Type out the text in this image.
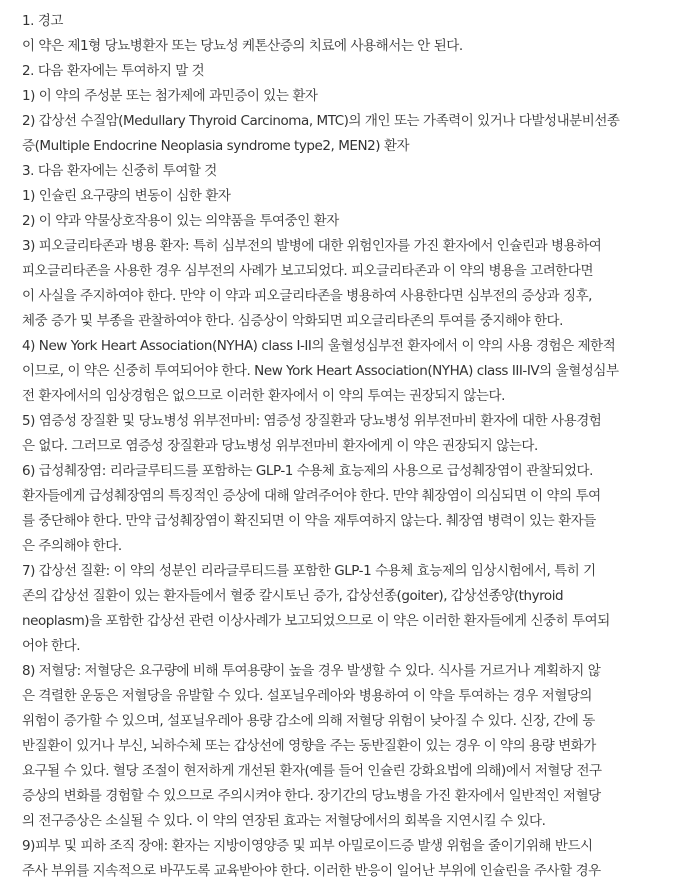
1. 경고
이 약은 제1형 당뇨병환자 또는 당뇨성 케톤산증의 치료에 사용해서는 안 된다.
2. 다음 환자에는 투여하지 말 것
1) 이 약의 주성분 또는 첨가제에 과민증이 있는 환자
2) 갑상선 수질암(Medullary Thyroid Carcinoma, MTC)의 개인 또는 가족력이 있거나 다발성내분비선종
증(Multiple Endocrine Neoplasia syndrome type2, MEN2) 환자
3. 다음 환자에는 신중히 투여할 것
1) 인슐린 요구량의 변동이 심한 환자
2) 이 약과 약물상호작용이 있는 의약품을 투여중인 환자
3) 피오글리타존과 병용 환자: 특히 심부전의 발병에 대한 위험인자를 가진 환자에서 인슐린과 병용하여
피오글리타존을 사용한 경우 심부전의 사례가 보고되었다. 피오글리타존과 이 약의 병용을 고려한다면
이 사실을 주지하여야 한다. 만약 이 약과 피오글리타존을 병용하여 사용한다면 심부전의 증상과 징후,
체중 증가 및 부종을 관찰하여야 한다. 심증상이 악화되면 피오글리타존의 투여를 중지해야 한다.
4) New York Heart Association(NYHA) class I-II의 울혈성심부전 환자에서 이 약의 사용 경험은 제한적
이므로, 이 약은 신중히 투여되어야 한다. New York Heart Association(NYHA) class III-IV의 울혈성심부
전 환자에서의 임상경험은 없으므로 이러한 환자에서 이 약의 투여는 권장되지 않는다.
5) 염증성 장질환 및 당뇨병성 위부전마비: 염증성 장질환과 당뇨병성 위부전마비 환자에 대한 사용경험
은 없다. 그러므로 염증성 장질환과 당뇨병성 위부전마비 환자에게 이 약은 권장되지 않는다.
6) 급성췌장염: 리라글루티드를 포함하는 GLP-1 수용체 효능제의 사용으로 급성췌장염이 관찰되었다.
환자들에게 급성췌장염의 특징적인 증상에 대해 알려주어야 한다. 만약 췌장염이 의심되면 이 약의 투여
를 중단해야 한다. 만약 급성췌장염이 확진되면 이 약을 재투여하지 않는다. 췌장염 병력이 있는 환자들
은 주의해야 한다.
7) 갑상선 질환: 이 약의 성분인 리라글루티드를 포함한 GLP-1 수용체 효능제의 임상시험에서, 특히 기
존의 갑상선 질환이 있는 환자들에서 혈중 칼시토닌 증가, 갑상선종(goiter), 갑상선종양(thyroid
neoplasm)을 포함한 갑상선 관련 이상사례가 보고되었으므로 이 약은 이러한 환자들에게 신중히 투여되
어야 한다.
8) 저혈당: 저혈당은 요구량에 비해 투여용량이 높을 경우 발생할 수 있다. 식사를 거르거나 계획하지 않
은 격렬한 운동은 저혈당을 유발할 수 있다. 설포닐우레아와 병용하여 이 약을 투여하는 경우 저혈당의
위험이 증가할 수 있으며, 설포닐우레아 용량 감소에 의해 저혈당 위험이 낮아질 수 있다. 신장, 간에 동
반질환이 있거나 부신, 뇌하수체 또는 갑상선에 영향을 주는 동반질환이 있는 경우 이 약의 용량 변화가
요구될 수 있다. 혈당 조절이 현저하게 개선된 환자(예를 들어 인슐린 강화요법에 의해)에서 저혈당 전구
증상의 변화를 경험할 수 있으므로 주의시켜야 한다. 장기간의 당뇨병을 가진 환자에서 일반적인 저혈당
의 전구증상은 소실될 수 있다. 이 약의 연장된 효과는 저혈당에서의 회복을 지연시킬 수 있다.
9)피부 및 피하 조직 장애: 환자는 지방이영양증 및 피부 아밀로이드증 발생 위험을 줄이기위해 반드시
주사 부위를 지속적으로 바꾸도록 교육받아야 한다. 이러한 반응이 일어난 부위에 인슐린을 주사할 경우
